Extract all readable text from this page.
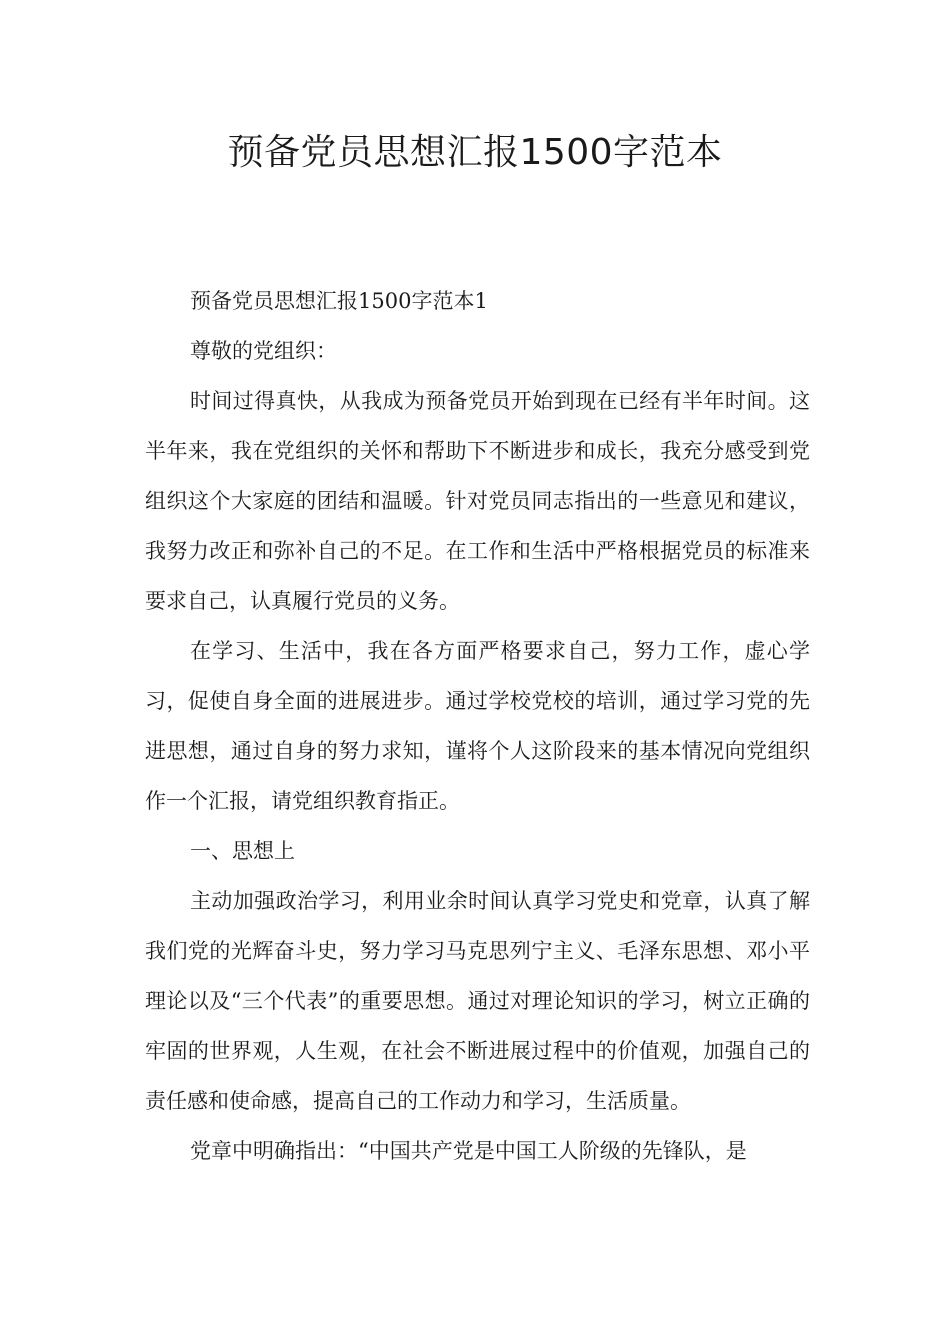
预备党员思想汇报1500字范本

预备党员思想汇报1500字范本1

尊敬的党组织：

时间过得真快，从我成为预备党员开始到现在已经有半年时间。这半年来，我在党组织的关怀和帮助下不断进步和成长，我充分感受到党组织这个大家庭的团结和温暖。针对党员同志指出的一些意见和建议，我努力改正和弥补自己的不足。在工作和生活中严格根据党员的标准来要求自己，认真履行党员的义务。

在学习、生活中，我在各方面严格要求自己，努力工作，虚心学习，促使自身全面的进展进步。通过学校党校的培训，通过学习党的先进思想，通过自身的努力求知，谨将个人这阶段来的基本情况向党组织作一个汇报，请党组织教育指正。

一、思想上

主动加强政治学习，利用业余时间认真学习党史和党章，认真了解我们党的光辉奋斗史，努力学习马克思列宁主义、毛泽东思想、邓小平理论以及“三个代表”的重要思想。通过对理论知识的学习，树立正确的牢固的世界观，人生观，在社会不断进展过程中的价值观，加强自己的责任感和使命感，提高自己的工作动力和学习，生活质量。

党章中明确指出：“中国共产党是中国工人阶级的先锋队，是
